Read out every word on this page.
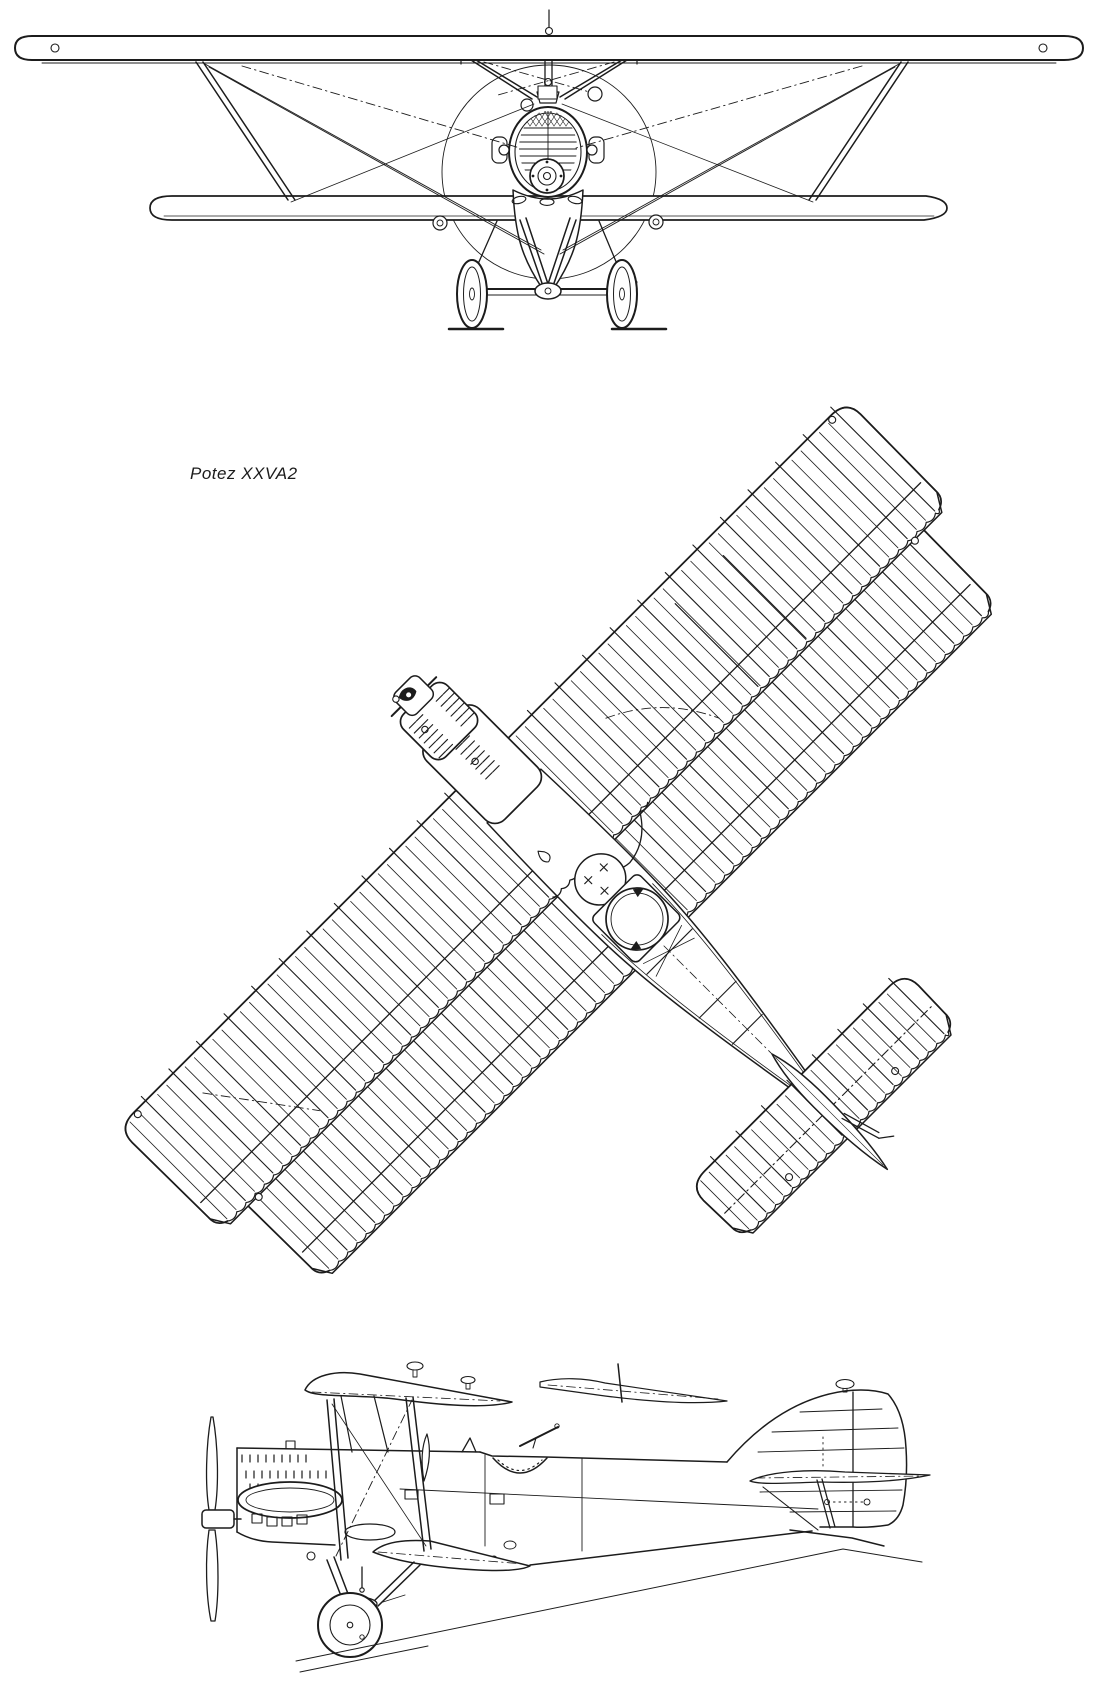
Potez XXVA2
